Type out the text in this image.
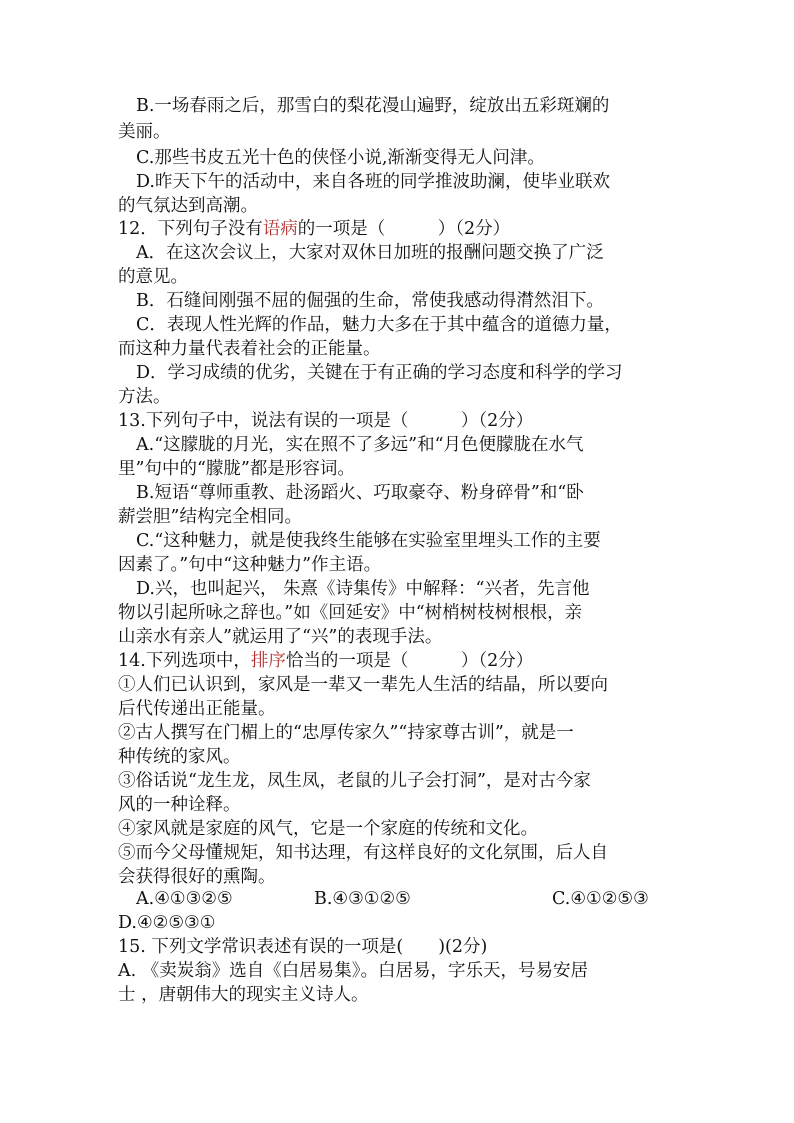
B.一场春雨之后，那雪白的梨花漫山遍野，绽放出五彩斑斓的
美丽。
C.那些书皮五光十色的侠怪小说,渐渐变得无人问津。
D.昨天下午的活动中，来自各班的同学推波助澜，使毕业联欢
的气氛达到高潮。
12．下列句子没有语病的一项是（　　　）（2分）
A．在这次会议上，大家对双休日加班的报酬问题交换了广泛
的意见。
B．石缝间刚强不屈的倔强的生命，常使我感动得潸然泪下。
C．表现人性光辉的作品，魅力大多在于其中蕴含的道德力量，
而这种力量代表着社会的正能量。
D．学习成绩的优劣，关键在于有正确的学习态度和科学的学习
方法。
13.下列句子中，说法有误的一项是（　　　）（2分）
A.“这朦胧的月光，实在照不了多远”和“月色便朦胧在水气
里”句中的“朦胧”都是形容词。
B.短语“尊师重教、赴汤蹈火、巧取豪夺、粉身碎骨”和“卧
薪尝胆”结构完全相同。
C.“这种魅力，就是使我终生能够在实验室里埋头工作的主要
因素了。”句中“这种魅力”作主语。
D.兴，也叫起兴， 朱熹《诗集传》中解释：“兴者，先言他
物以引起所咏之辞也。”如《回延安》中“树梢树枝树根根，亲
山亲水有亲人”就运用了“兴”的表现手法。
14.下列选项中，排序恰当的一项是（　　　）（2分）
①人们已认识到，家风是一辈又一辈先人生活的结晶，所以要向
后代传递出正能量。
②古人撰写在门楣上的“忠厚传家久”“持家尊古训”，就是一
种传统的家风。
③俗话说“龙生龙，凤生凤，老鼠的儿子会打洞”，是对古今家
风的一种诠释。
④家风就是家庭的风气，它是一个家庭的传统和文化。
⑤而今父母懂规矩，知书达理，有这样良好的文化氛围，后人自
会获得很好的熏陶。
A.④①③②⑤	B.④③①②⑤	C.④①②⑤③
D.④②⑤③①
15. 下列文学常识表述有误的一项是(　　)(2分)
A. 《卖炭翁》选自《白居易集》。白居易，字乐天，号易安居
士 ，唐朝伟大的现实主义诗人。
